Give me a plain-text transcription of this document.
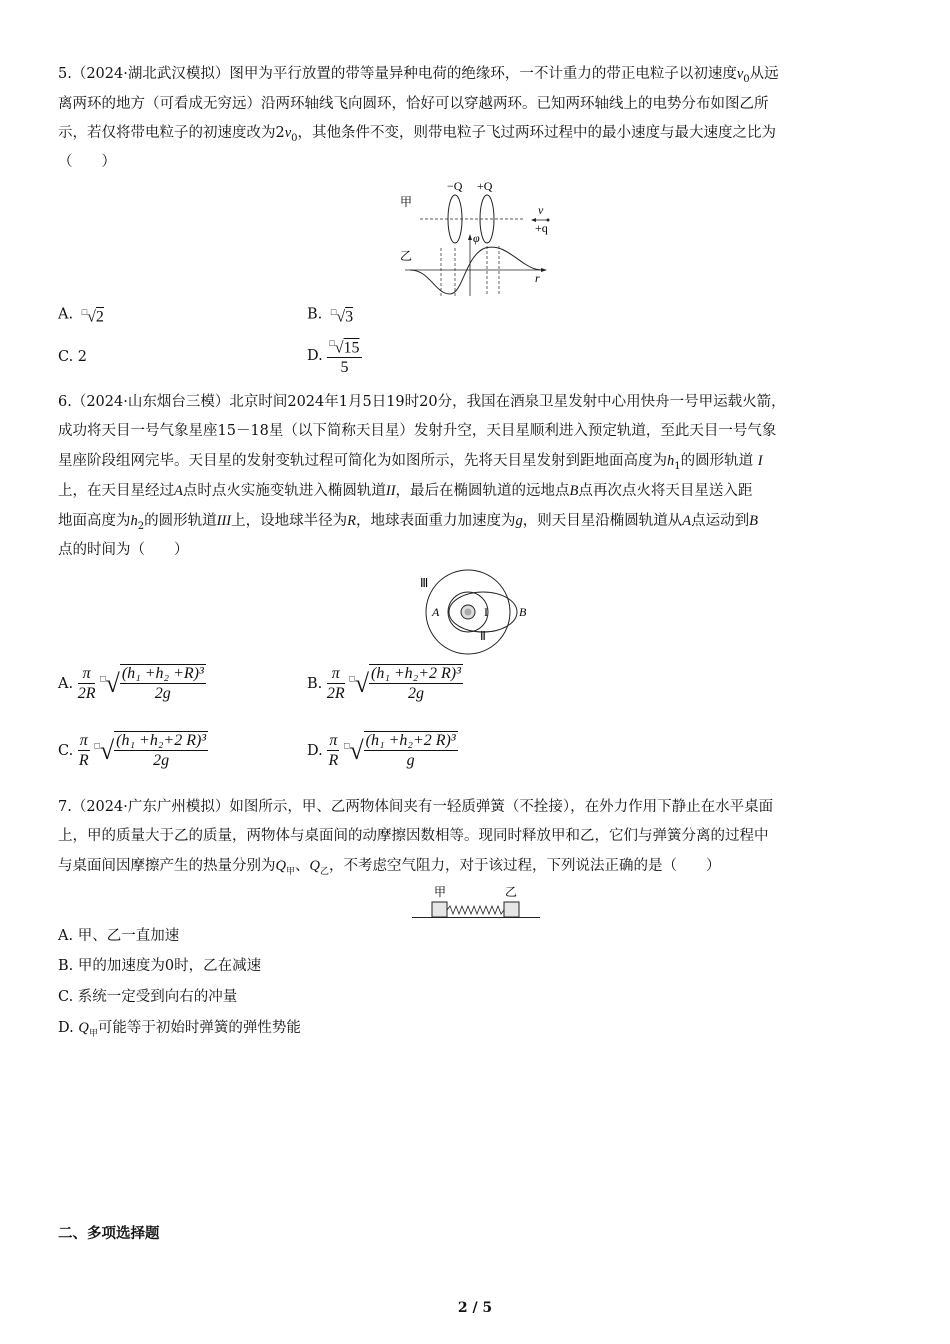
5.（2024·湖北武汉模拟）图甲为平行放置的带等量异种电荷的绝缘环，一不计重力的带正电粒子以初速度$v_0$从远
离两环的地方（可看成无穷远）沿两环轴线飞向圆环，恰好可以穿越两环。已知两环轴线上的电势分布如图乙所
示，若仅将带电粒子的初速度改为$2v_0$，其他条件不变，则带电粒子飞过两环过程中的最小速度与最大速度之比为
（　　）
甲
−Q +Q
v
+q
φ
乙
r
A. □√2	B. □√3
C. 2	D. $\frac{^□√15}{5}$
6.（2024·山东烟台三模）北京时间2024年1月5日19时20分，我国在酒泉卫星发射中心用快舟一号甲运载火箭，
成功将天目一号气象星座15－18星（以下简称天目星）发射升空，天目星顺利进入预定轨道，至此天目一号气象
星座阶段组网完毕。天目星的发射变轨过程可简化为如图所示，先将天目星发射到距地面高度为$h_1$的圆形轨道 I
上，在天目星经过A点时点火实施变轨进入椭圆轨道II，最后在椭圆轨道的远地点B点再次点火将天目星送入距
地面高度为$h_2$的圆形轨道III上，设地球半径为R，地球表面重力加速度为g，则天目星沿椭圆轨道从A点运动到B
点的时间为（　　）
Ⅲ
A	I
Ⅱ
B
A. $\frac{\pi}{2R} ^□√ \frac{\text{(h₁ +h₂ +R)³}}{2g}$	B. $\frac{\pi}{2R} ^□√ \frac{\text{(h₁ +h₂+2 R)³}}{2g}$
C. $\frac{\pi}{R} ^□√ \frac{\text{(h₁ +h₂+2 R)³}}{2g}$	D. $\frac{\pi}{R} ^□√ \frac{\text{(h₁ +h₂+2 R)³}}{g}$
7.（2024·广东广州模拟）如图所示，甲、乙两物体间夹有一轻质弹簧（不拴接），在外力作用下静止在水平桌面
上，甲的质量大于乙的质量，两物体与桌面间的动摩擦因数相等。现同时释放甲和乙，它们与弹簧分离的过程中
与桌面间因摩擦产生的热量分别为$Q_甲$、$Q_乙$，不考虑空气阻力，对于该过程，下列说法正确的是（　　）
甲	乙
A. 甲、乙一直加速
B. 甲的加速度为0时，乙在减速
C. 系统一定受到向右的冲量
D. $Q_甲$可能等于初始时弹簧的弹性势能
二、多项选择题
2 / 5
